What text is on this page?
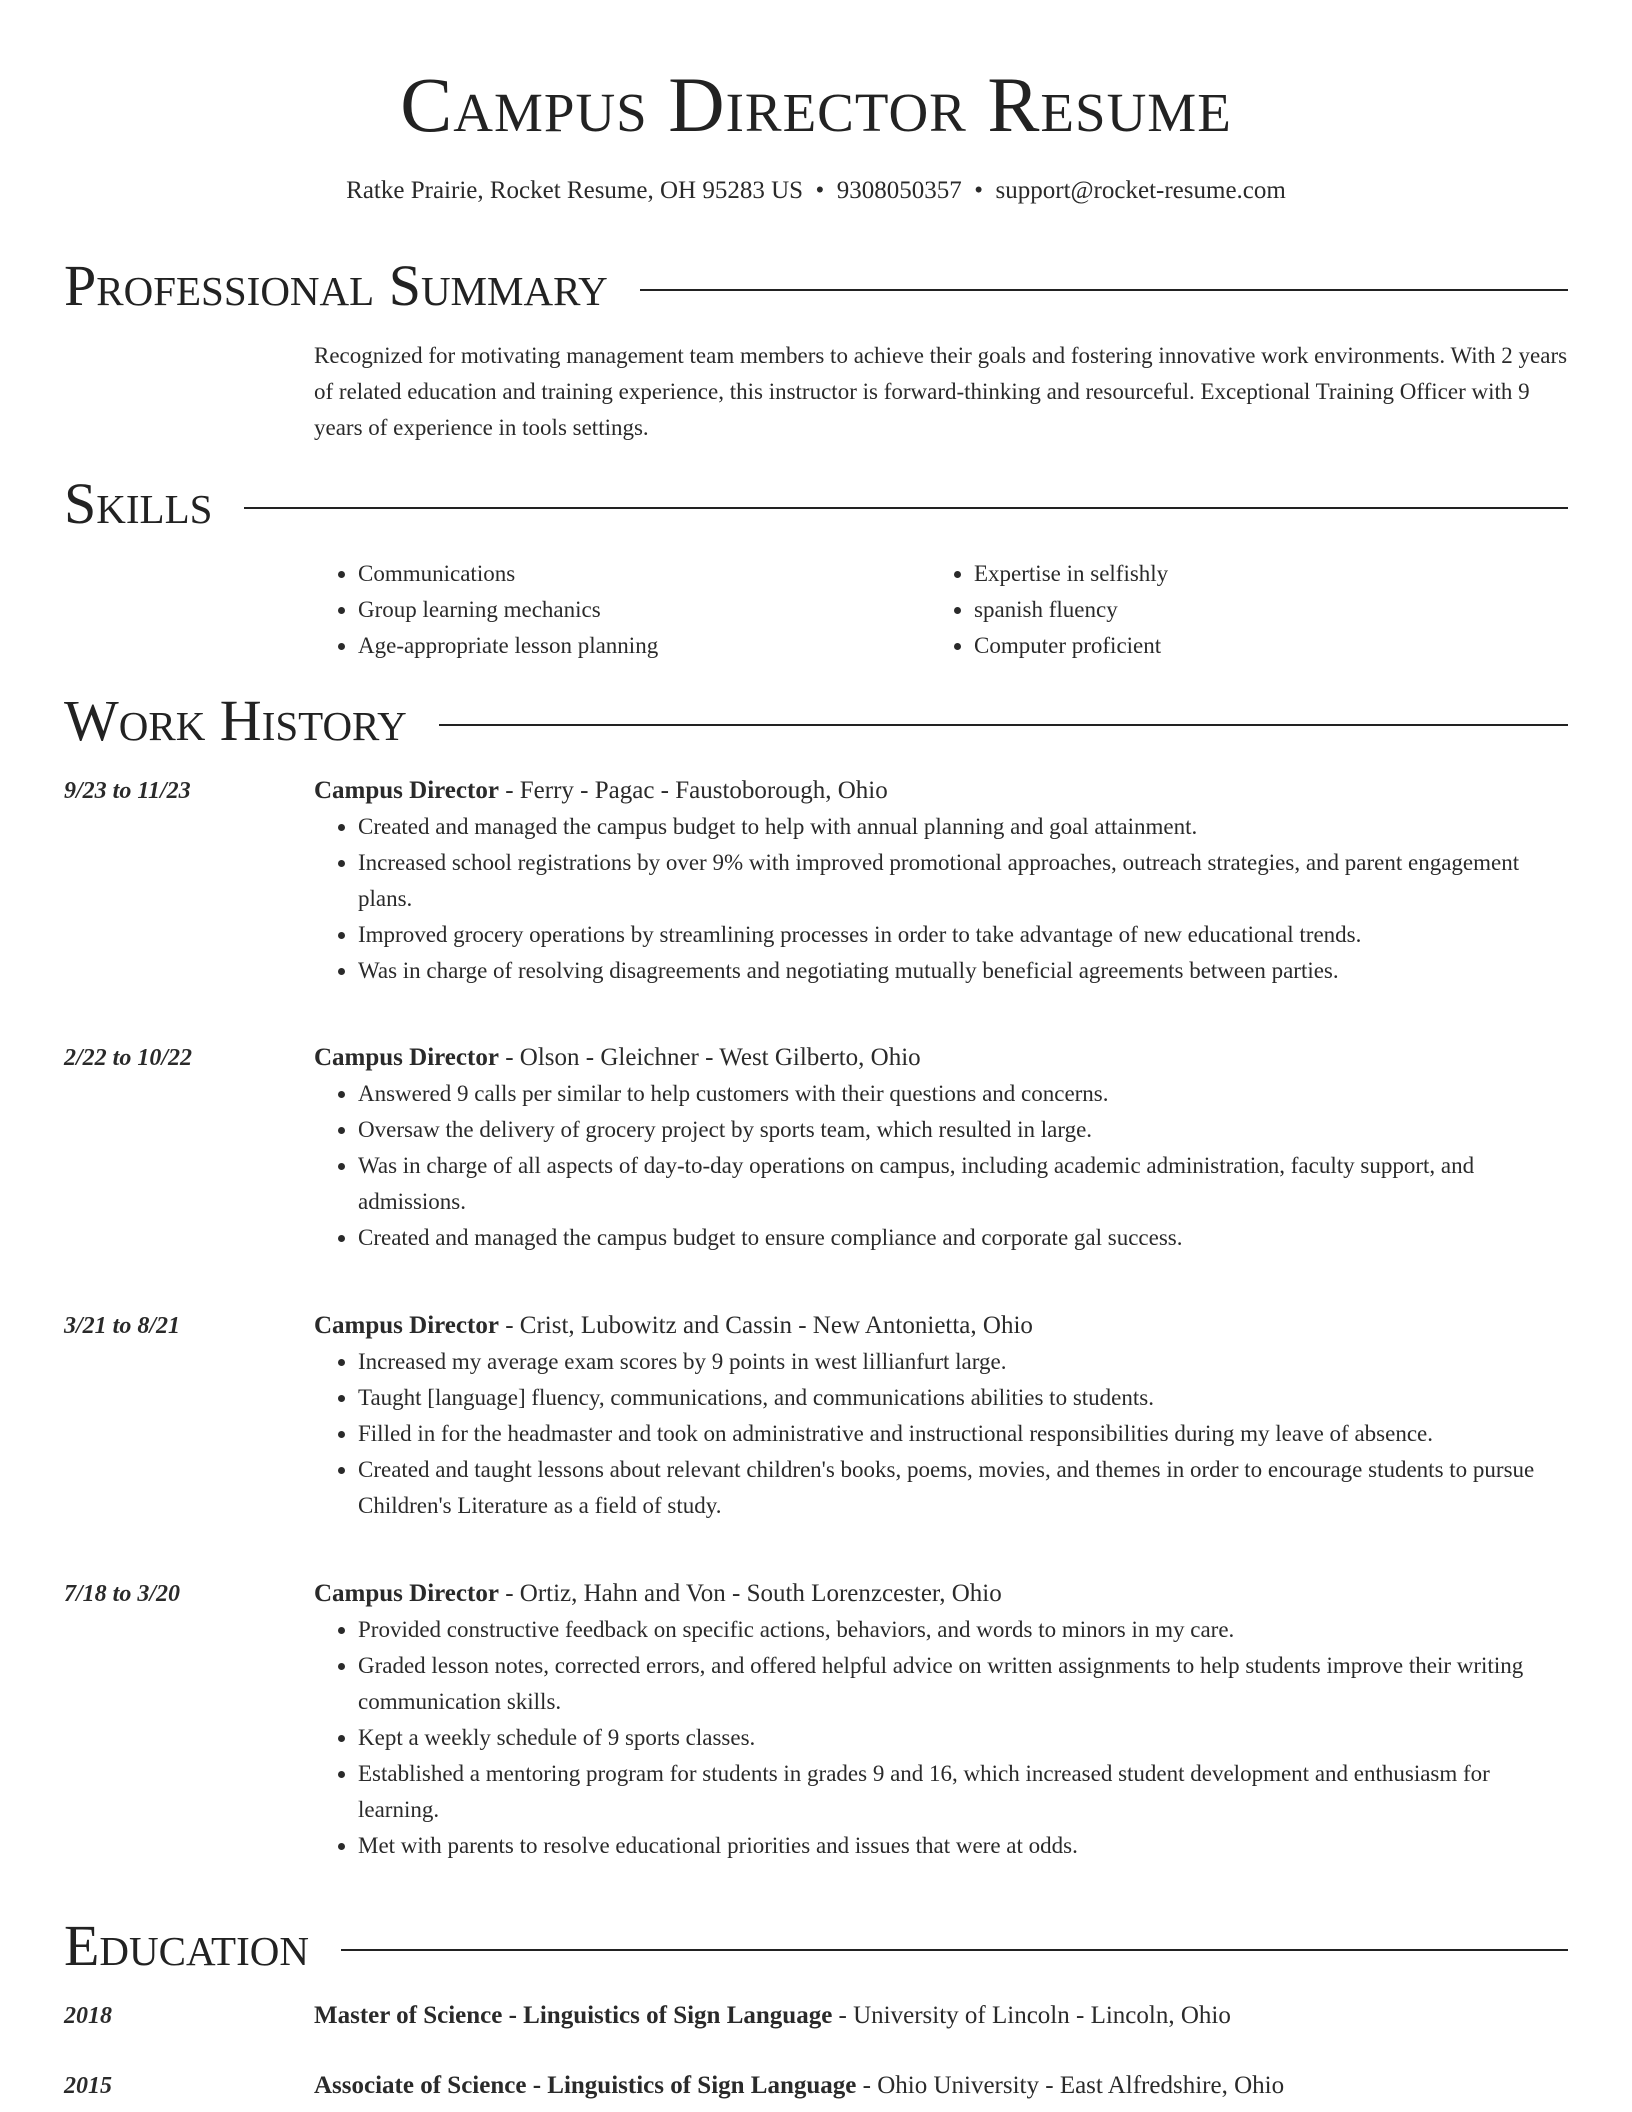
Campus Director Resume
Ratke Prairie, Rocket Resume, OH 95283 US  •  9308050357  •  support@rocket-resume.com
Professional Summary
Recognized for motivating management team members to achieve their goals and fostering innovative work environments. With 2 years of related education and training experience, this instructor is forward-thinking and resourceful. Exceptional Training Officer with 9 years of experience in tools settings.
Skills
• Communications
• Group learning mechanics
• Age-appropriate lesson planning
• Expertise in selfishly
• spanish fluency
• Computer proficient
Work History
9/23 to 11/23	Campus Director - Ferry - Pagac - Faustoborough, Ohio
• Created and managed the campus budget to help with annual planning and goal attainment.
• Increased school registrations by over 9% with improved promotional approaches, outreach strategies, and parent engagement plans.
• Improved grocery operations by streamlining processes in order to take advantage of new educational trends.
• Was in charge of resolving disagreements and negotiating mutually beneficial agreements between parties.
2/22 to 10/22	Campus Director - Olson - Gleichner - West Gilberto, Ohio
• Answered 9 calls per similar to help customers with their questions and concerns.
• Oversaw the delivery of grocery project by sports team, which resulted in large.
• Was in charge of all aspects of day-to-day operations on campus, including academic administration, faculty support, and admissions.
• Created and managed the campus budget to ensure compliance and corporate gal success.
3/21 to 8/21	Campus Director - Crist, Lubowitz and Cassin - New Antonietta, Ohio
• Increased my average exam scores by 9 points in west lillianfurt large.
• Taught [language] fluency, communications, and communications abilities to students.
• Filled in for the headmaster and took on administrative and instructional responsibilities during my leave of absence.
• Created and taught lessons about relevant children's books, poems, movies, and themes in order to encourage students to pursue Children's Literature as a field of study.
7/18 to 3/20	Campus Director - Ortiz, Hahn and Von - South Lorenzcester, Ohio
• Provided constructive feedback on specific actions, behaviors, and words to minors in my care.
• Graded lesson notes, corrected errors, and offered helpful advice on written assignments to help students improve their writing communication skills.
• Kept a weekly schedule of 9 sports classes.
• Established a mentoring program for students in grades 9 and 16, which increased student development and enthusiasm for learning.
• Met with parents to resolve educational priorities and issues that were at odds.
Education
2018	Master of Science - Linguistics of Sign Language - University of Lincoln - Lincoln, Ohio
2015	Associate of Science - Linguistics of Sign Language - Ohio University - East Alfredshire, Ohio
